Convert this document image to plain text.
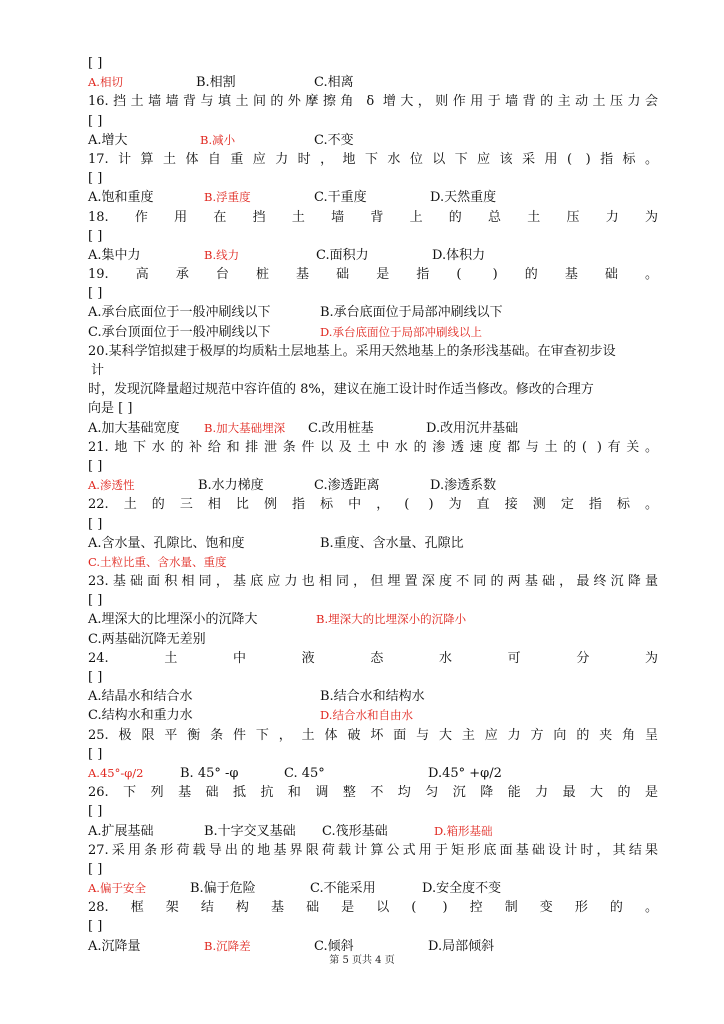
[ ]
A.相切	B.相割	C.相离
16.挡土墙墙背与填土间的外摩擦角 δ 增大，则作用于墙背的主动土压力会
[ ]
A.增大	B.减小	C.不变
17.计算土体自重应力时，地下水位以下应该采用( )指标。
[ ]
A.饱和重度	B.浮重度	C.干重度	D.天然重度
18.作用在挡土墙背上的总土压力为
[ ]
A.集中力	B.线力	C.面积力	D.体积力
19.高承台桩基础是指( )的基础。
[ ]
A.承台底面位于一般冲刷线以下	B.承台底面位于局部冲刷线以下
C.承台顶面位于一般冲刷线以下	D.承台底面位于局部冲刷线以上
20.某科学馆拟建于极厚的均质粘土层地基上。采用天然地基上的条形浅基础。在审查初步设
计
时，发现沉降量超过规范中容许值的 8%，建议在施工设计时作适当修改。修改的合理方
向是 [ ]
A.加大基础宽度 B.加大基础埋深 C.改用桩基	D.改用沉井基础
21.地下水的补给和排泄条件以及土中水的渗透速度都与土的( )有关。
[ ]
A.渗透性	B.水力梯度	C.渗透距离	D.渗透系数
22.土的三相比例指标中，( )为直接测定指标。
[ ]
A.含水量、孔隙比、饱和度	B.重度、含水量、孔隙比
C.土粒比重、含水量、重度
23.基础面积相同，基底应力也相同，但埋置深度不同的两基础，最终沉降量
[ ]
A.埋深大的比埋深小的沉降大	B.埋深大的比埋深小的沉降小
C.两基础沉降无差别
24.土中液态水可分为
[ ]
A.结晶水和结合水	B.结合水和结构水
C.结构水和重力水	D.结合水和自由水
25.极限平衡条件下，土体破坏面与大主应力方向的夹角呈
[ ]
A.45°-φ/2	B. 45° -φ	C. 45°	D.45° +φ/2
26.下列基础抵抗和调整不均匀沉降能力最大的是
[ ]
A.扩展基础	B.十字交叉基础 C.筏形基础	D.箱形基础
27.采用条形荷载导出的地基界限荷载计算公式用于矩形底面基础设计时，其结果
[ ]
A.偏于安全	B.偏于危险	C.不能采用	D.安全度不变
28.框架结构基础是以( )控制变形的。
[ ]
A.沉降量	B.沉降差	C.倾斜	D.局部倾斜
第 5 页共 4 页
